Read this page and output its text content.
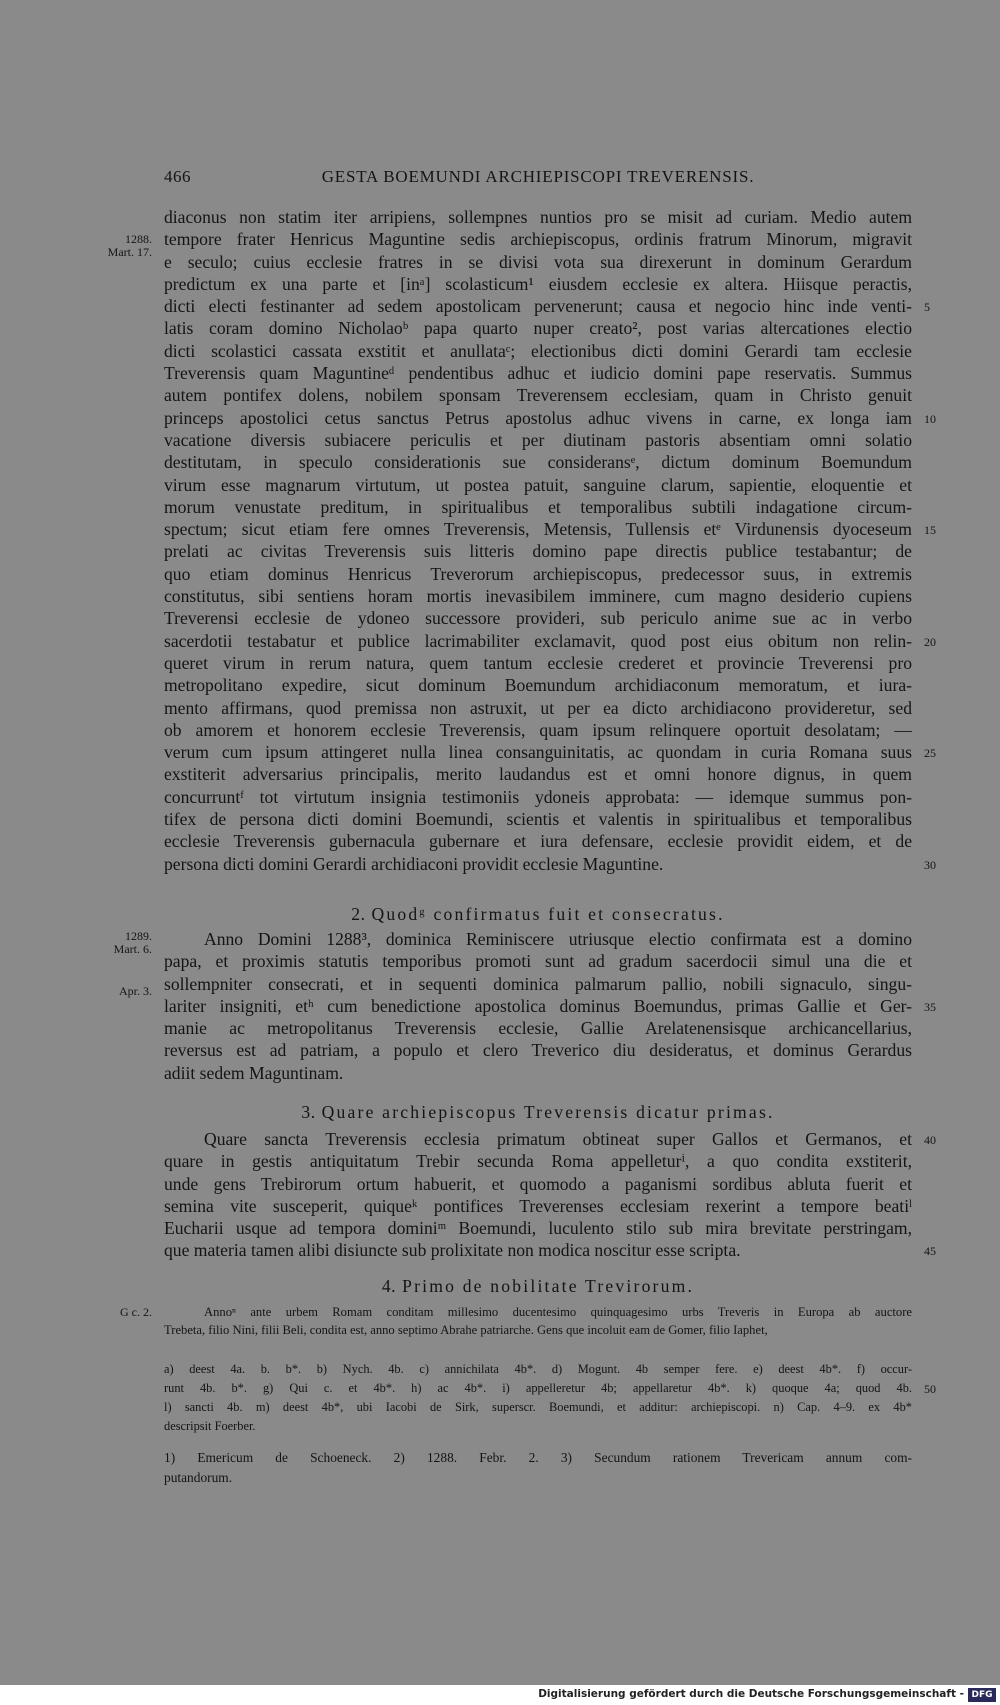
466	GESTA BOEMUNDI ARCHIEPISCOPI TREVERENSIS.
1288.
Mart. 17.
1289.
Mart. 6.
Apr. 3.
G c. 2.
diaconus non statim iter arripiens, sollempnes nuntios pro se misit ad curiam. Medio autem
tempore frater Henricus Maguntine sedis archiepiscopus, ordinis fratrum Minorum, migravit
e seculo; cuius ecclesie fratres in se divisi vota sua direxerunt in dominum Gerardum
predictum ex una parte et [inᵃ] scolasticum¹ eiusdem ecclesie ex altera. Hiisque peractis,
dicti electi festinanter ad sedem apostolicam pervenerunt; causa et negocio hinc inde venti- 5
latis coram domino Nicholaoᵇ papa quarto nuper creato², post varias altercationes electio
dicti scolastici cassata exstitit et anullataᶜ; electionibus dicti domini Gerardi tam ecclesie
Treverensis quam Maguntineᵈ pendentibus adhuc et iudicio domini pape reservatis. Summus
autem pontifex dolens, nobilem sponsam Treverensem ecclesiam, quam in Christo genuit
princeps apostolici cetus sanctus Petrus apostolus adhuc vivens in carne, ex longa iam 10
vacatione diversis subiacere periculis et per diutinam pastoris absentiam omni solatio
destitutam, in speculo considerationis sue consideransᵉ, dictum dominum Boemundum
virum esse magnarum virtutum, ut postea patuit, sanguine clarum, sapientie, eloquentie et
morum venustate preditum, in spiritualibus et temporalibus subtili indagatione circum-
spectum; sicut etiam fere omnes Treverensis, Metensis, Tullensis etᵉ Virdunensis dyoceseum 15
prelati ac civitas Treverensis suis litteris domino pape directis publice testabantur; de
quo etiam dominus Henricus Treverorum archiepiscopus, predecessor suus, in extremis
constitutus, sibi sentiens horam mortis inevasibilem imminere, cum magno desiderio cupiens
Treverensi ecclesie de ydoneo successore provideri, sub periculo anime sue ac in verbo
sacerdotii testabatur et publice lacrimabiliter exclamavit, quod post eius obitum non relin- 20
queret virum in rerum natura, quem tantum ecclesie crederet et provincie Treverensi pro
metropolitano expedire, sicut dominum Boemundum archidiaconum memoratum, et iura-
mento affirmans, quod premissa non astruxit, ut per ea dicto archidiacono provideretur, sed
ob amorem et honorem ecclesie Treverensis, quam ipsum relinquere oportuit desolatam; —
verum cum ipsum attingeret nulla linea consanguinitatis, ac quondam in curia Romana suus 25
exstiterit adversarius principalis, merito laudandus est et omni honore dignus, in quem
concurruntᶠ tot virtutum insignia testimoniis ydoneis approbata: — idemque summus pon-
tifex de persona dicti domini Boemundi, scientis et valentis in spiritualibus et temporalibus
ecclesie Treverensis gubernacula gubernare et iura defensare, ecclesie providit eidem, et de
persona dicti domini Gerardi archidiaconi providit ecclesie Maguntine.	30
2. Quodᵍ confirmatus fuit et consecratus.
Anno Domini 1288³, dominica Reminiscere utriusque electio confirmata est a domino
papa, et proximis statutis temporibus promoti sunt ad gradum sacerdocii simul una die et
sollempniter consecrati, et in sequenti dominica palmarum pallio, nobili signaculo, singu-
lariter insigniti, etʰ cum benedictione apostolica dominus Boemundus, primas Gallie et Ger- 35
manie ac metropolitanus Treverensis ecclesie, Gallie Arelatenensisque archicancellarius,
reversus est ad patriam, a populo et clero Treverico diu desideratus, et dominus Gerardus
adiit sedem Maguntinam.
3. Quare archiepiscopus Treverensis dicatur primas.
Quare sancta Treverensis ecclesia primatum obtineat super Gallos et Germanos, et 40
quare in gestis antiquitatum Trebir secunda Roma appelleturⁱ, a quo condita exstiterit,
unde gens Trebirorum ortum habuerit, et quomodo a paganismi sordibus abluta fuerit et
semina vite susceperit, quiqueᵏ pontifices Treverenses ecclesiam rexerint a tempore beatiˡ
Eucharii usque ad tempora dominiᵐ Boemundi, luculento stilo sub mira brevitate perstringam,
que materia tamen alibi disiuncte sub prolixitate non modica noscitur esse scripta.	45
4. Primo de nobilitate Trevirorum.
Annoⁿ ante urbem Romam conditam millesimo ducentesimo quinquagesimo urbs Treveris in Europa ab auctore
Trebeta, filio Nini, filii Beli, condita est, anno septimo Abrahe patriarche. Gens que incoluit eam de Gomer, filio Iaphet,
a) deest 4a. b. b*. b) Nych. 4b. c) annichilata 4b*. d) Mogunt. 4b semper fere. e) deest 4b*. f) occur-
runt 4b. b*. g) Qui c. et 4b*. h) ac 4b*. i) appelleretur 4b; appellaretur 4b*. k) quoque 4a; quod 4b. 50
l) sancti 4b. m) deest 4b*, ubi Iacobi de Sirk, superscr. Boemundi, et additur: archiepiscopi. n) Cap. 4–9. ex 4b*
descripsit Foerber.
1) Emericum de Schoeneck. 2) 1288. Febr. 2. 3) Secundum rationem Trevericam annum com-
putandorum.
Digitalisierung gefördert durch die Deutsche Forschungsgemeinschaft - DFG
